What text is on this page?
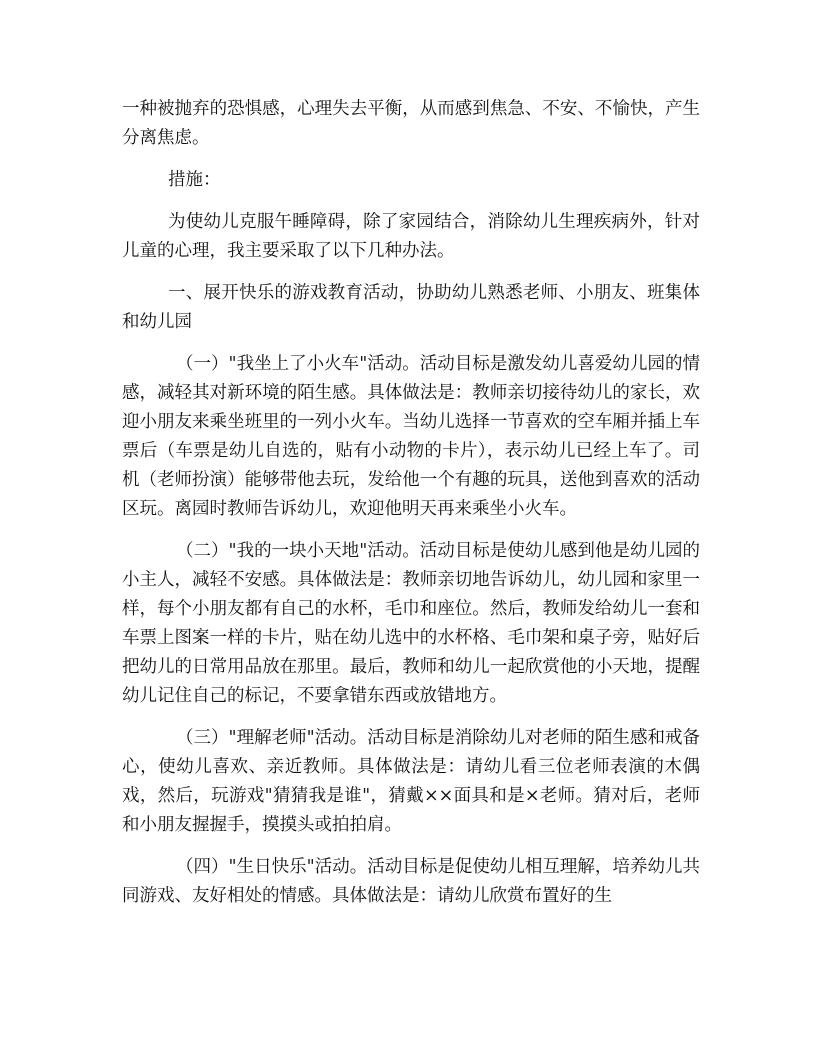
一种被抛弃的恐惧感，心理失去平衡，从而感到焦急、不安、不愉快，产生分离焦虑。

措施：

为使幼儿克服午睡障碍，除了家园结合，消除幼儿生理疾病外，针对儿童的心理，我主要采取了以下几种办法。

一、展开快乐的游戏教育活动，协助幼儿熟悉老师、小朋友、班集体和幼儿园

（一）"我坐上了小火车"活动。活动目标是激发幼儿喜爱幼儿园的情感，减轻其对新环境的陌生感。具体做法是：教师亲切接待幼儿的家长，欢迎小朋友来乘坐班里的一列小火车。当幼儿选择一节喜欢的空车厢并插上车票后（车票是幼儿自选的，贴有小动物的卡片），表示幼儿已经上车了。司机（老师扮演）能够带他去玩，发给他一个有趣的玩具，送他到喜欢的活动区玩。离园时教师告诉幼儿，欢迎他明天再来乘坐小火车。

（二）"我的一块小天地"活动。活动目标是使幼儿感到他是幼儿园的小主人，减轻不安感。具体做法是：教师亲切地告诉幼儿，幼儿园和家里一样，每个小朋友都有自己的水杯，毛巾和座位。然后，教师发给幼儿一套和车票上图案一样的卡片，贴在幼儿选中的水杯格、毛巾架和桌子旁，贴好后把幼儿的日常用品放在那里。最后，教师和幼儿一起欣赏他的小天地，提醒幼儿记住自己的标记，不要拿错东西或放错地方。

（三）"理解老师"活动。活动目标是消除幼儿对老师的陌生感和戒备心，使幼儿喜欢、亲近教师。具体做法是：请幼儿看三位老师表演的木偶戏，然后，玩游戏"猜猜我是谁"，猜戴××面具和是×老师。猜对后，老师和小朋友握握手，摸摸头或拍拍肩。

（四）"生日快乐"活动。活动目标是促使幼儿相互理解，培养幼儿共同游戏、友好相处的情感。具体做法是：请幼儿欣赏布置好的生
